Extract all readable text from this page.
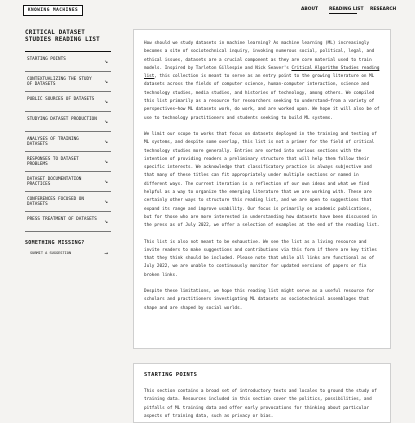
KNOWING MACHINES	ABOUT READING LIST RESEARCH
CRITICAL DATASET STUDIES READING LIST
STARTING POINTS	↘
CONTEXTUALIZING THE STUDY OF DATASETS	↘
PUBLIC SOURCES OF DATASETS ↘
STUDYING DATASET PRODUCTION ↘
ANALYSES OF TRAINING DATASETS	↘
RESPONSES TO DATASET PROBLEMS	↘
DATASET DOCUMENTATION PRACTICES	↘
CONFERENCES FOCUSED ON DATASETS	↘
PRESS TREATMENT OF DATASETS ↘
SOMETHING MISSING?
SUBMIT A SUGGESTION	→

How should we study datasets in machine learning? As machine learning (ML) increasingly becomes a site of sociotechnical inquiry, invoking numerous social, political, legal, and ethical issues, datasets are a crucial component as they are core material used to train models. Inspired by Tarleton Gillespie and Nick Seaver's Critical Algorithm Studies reading list, this collection is meant to serve as an entry point to the growing literature on ML datasets across the fields of computer science, human-computer interaction, science and technology studies, media studies, and histories of technology, among others. We compiled this list primarily as a resource for researchers seeking to understand—from a variety of perspectives—how ML datasets work, do work, and are worked upon. We hope it will also be of use to technology practitioners and students seeking to build ML systems.

We limit our scope to works that focus on datasets deployed in the training and testing of ML systems, and despite some overlap, this list is not a primer for the field of critical technology studies more generally. Entries are sorted into various sections with the intention of providing readers a preliminary structure that will help them follow their specific interests. We acknowledge that classificatory practice is always subjective and that many of these titles can fit appropriately under multiple sections or named in different ways. The current iteration is a reflection of our own ideas and what we find helpful as a way to organize the emerging literature that we are working with. These are certainly other ways to structure this reading list, and we are open to suggestions that expand its range and improve usability. Our focus is primarily on academic publications, but for those who are more interested in understanding how datasets have been discussed in the press as of July 2022, we offer a selection of examples at the end of the reading list.

This list is also not meant to be exhaustive. We see the list as a living resource and invite readers to make suggestions and contributions via this form if there are key titles that they think should be included. Please note that while all links are functional as of July 2022, we are unable to continuously monitor for updated versions of papers or fix broken links.

Despite these limitations, we hope this reading list might serve as a useful resource for scholars and practitioners investigating ML datasets as sociotechnical assemblages that shape and are shaped by social worlds.

STARTING POINTS

This section contains a broad set of introductory texts and locales to ground the study of training data. Resources included in this section cover the politics, possibilities, and pitfalls of ML training data and offer early provocations for thinking about particular aspects of training data, such as privacy or bias.
